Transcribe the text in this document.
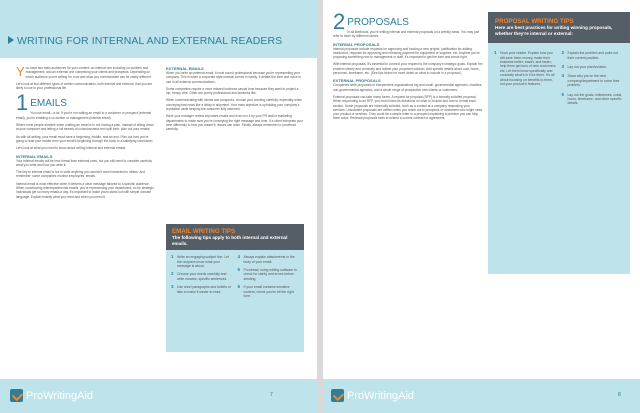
WRITING FOR INTERNAL AND EXTERNAL READERS
You have two main audiences for your content: an internal one including co-workers and management, and an external one comprising your clients and prospects. Depending on which audience you're writing for, how and what you communicate can be vastly different.
Let's look at five different types of written communication, both internal and external, that you are likely to use in your professional life.
1 EMAILS
You use email—a lot. If you're not writing an email to a customer or prospect (external email), you're emailing a co-worker or management (internal email).
Where most people stumble when crafting an email is in not having a plan. Instead of sitting down at your computer and letting a full stream-of-consciousness text spill forth, plan out your emails.
As with all writing, your email must have a beginning, middle, and an end. Plan out how you're going to lead your reader from your email's beginning through the body to a satisfying conclusion.
Let's look at what you need to know about writing internal and external emails.
INTERNAL EMAILS
Your internal emails will be less formal than external ones, but you still need to consider carefully what you write and how you write it.
The key to internal email is not to write anything you wouldn't want forwarded to others. And remember: some companies monitor employees' emails.
Internal email is most effective when it delivers a clear message tailored to a specific audience. When constructing interdepartmental emails, you're representing your department, so be strategic. Individuals get so many emails a day. It's important to make yours stand out with simple concise language. Explain exactly what you need and when you need it.
EXTERNAL EMAILS
When you write an external email, it must sound professional because you're representing your company. This is when a corporate style manual comes in handy. It details the tone and voice to use in all external communications.
Some companies require a more relaxed business casual tone because they want to project a hip, trendy vibe. Other are purely professional and business like.
When communicating with clients and prospects, choose your wording carefully, especially when conveying bad news like a delay in shipment. Your main objective is upholding your company's reputation while keeping the customer fully informed.
Have your manager review important emails and even run it by your PR and/or marketing departments to make sure you're conveying the right message and tone. If a client interprets your tone differently to how you meant it, issues can arise. Finally, always remember to proofread carefully.
EMAIL WRITING TIPS
The following tips apply to both internal and external emails.
1	Write an engaging subject line. Let the recipient know what your message is about.
2	Choose your words carefully and write concise, specific sentences.
3	Use short paragraphs and bullets or lists to make it easier to read.
4	Always explain attachments in the body of your email.
5	Proofread, using editing software to check for clarity and errors before sending.
6	If your email contains sensitive content, check you've hit the right tone.
ProWritingAid	7
2 PROPOSALS
In all likelihood, you're writing internal and external proposals on a weekly basis. You may just refer to them by different names.
INTERNAL PROPOSALS
Internal proposals include requests for approving and funding a new project, justification for adding headcount, requests for approving and releasing payment for equipment or supplies, etc. Anytime you're proposing something new to management or staff, it's important to get the tone and words right.
With internal proposals, it's essential to connect your request to the company's strategic goals. Explain the problem clearly and concisely and outline your proposed solution. Add specific details about cost, hours, personnel, timeframe, etc. (See tips below for more detail on what to include in a proposal.)
EXTERNAL PROPOSALS
Companies write proposals to independent organizations big and small, governmental agencies, charities, non-governmental agencies, and a whole range of prospective new clients or customers.
External proposals can take many forms. A request for proposal (RFP) is a formally solicited proposal. When responding to an RFP, you must follow its directions on what to include and how to format each section. Some proposals are informally solicited, such as a contact at a company requesting your services. Unsolicited proposals are written when you reach out to prospects or customers who might need your product or services. They could be a simple letter to a prospect explaining a problem you can help them solve. Renewal proposals seek to extend a current contract or agreement.
PROPOSAL WRITING TIPS
Here are best practices for writing winning proposals, whether they're internal or external:
1	Hook your reader. Explain how you will save them money, make their business better, easier, and faster; help them get tons of new customers, etc. Let them know specifically and concisely what's in it for them. It's all about focusing on benefits to them, not your product's features.
2	Explain the problem and point out their current position.
3	Lay out your plan/solution.
4	Show why you're the best company/department to solve their problem.
5	Lay out the goals, milestones, costs, hours, timeframe, and other specific details.
ProWritingAid	8
